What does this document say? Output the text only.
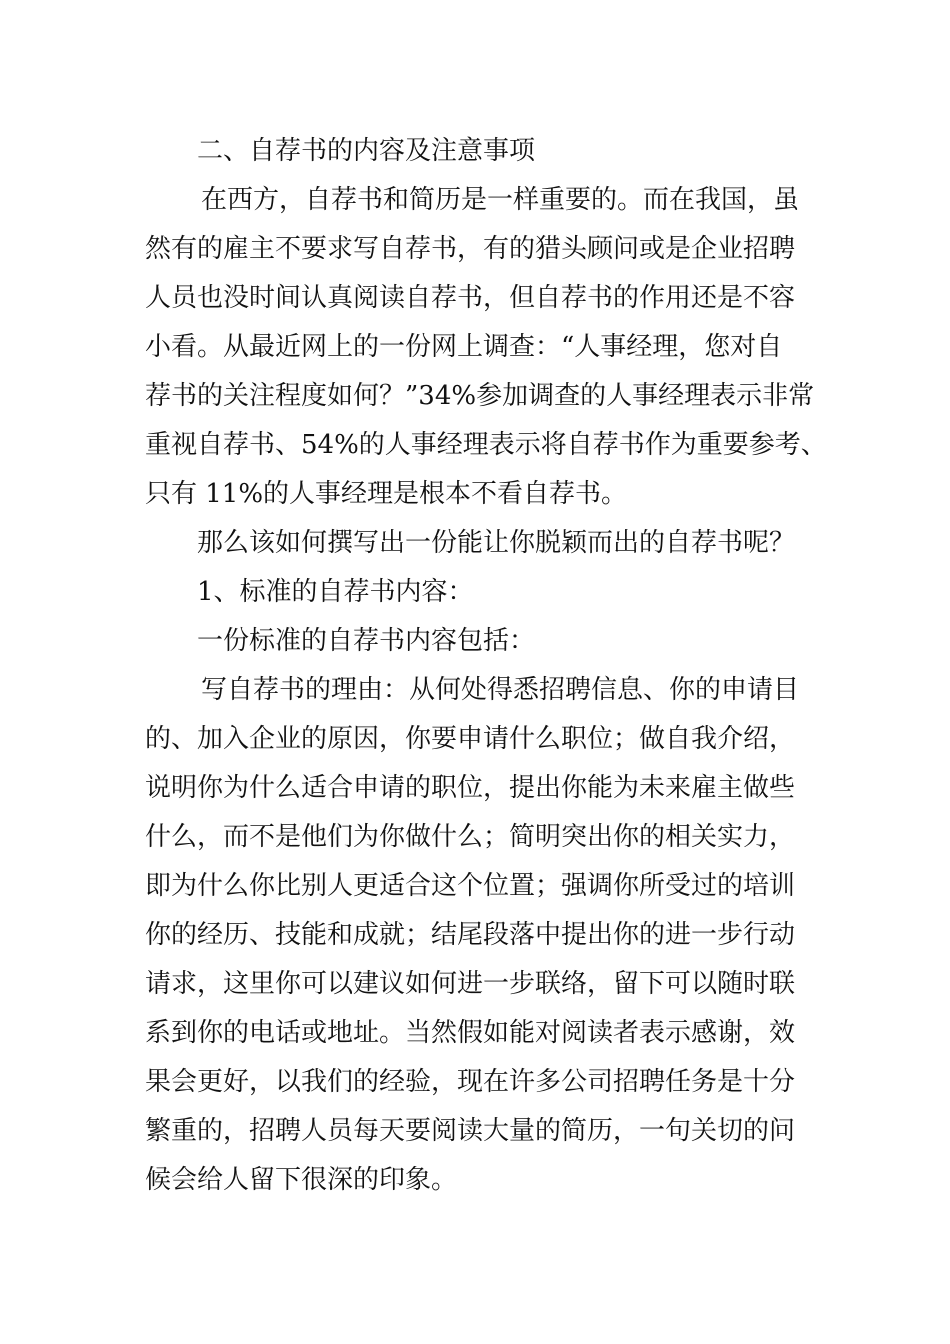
二、自荐书的内容及注意事项
在西方，自荐书和简历是一样重要的。而在我国，虽
然有的雇主不要求写自荐书，有的猎头顾问或是企业招聘
人员也没时间认真阅读自荐书，但自荐书的作用还是不容
小看。从最近网上的一份网上调查：“人事经理，您对自
荐书的关注程度如何？”34%参加调查的人事经理表示非常
重视自荐书、54%的人事经理表示将自荐书作为重要参考、
只有 11%的人事经理是根本不看自荐书。
那么该如何撰写出一份能让你脱颖而出的自荐书呢？
1、标准的自荐书内容：
一份标准的自荐书内容包括：
写自荐书的理由：从何处得悉招聘信息、你的申请目
的、加入企业的原因，你要申请什么职位；做自我介绍，
说明你为什么适合申请的职位，提出你能为未来雇主做些
什么，而不是他们为你做什么；简明突出你的相关实力，
即为什么你比别人更适合这个位置；强调你所受过的培训
你的经历、技能和成就；结尾段落中提出你的进一步行动
请求，这里你可以建议如何进一步联络，留下可以随时联
系到你的电话或地址。当然假如能对阅读者表示感谢，效
果会更好，以我们的经验，现在许多公司招聘任务是十分
繁重的，招聘人员每天要阅读大量的简历，一句关切的问
候会给人留下很深的印象。
